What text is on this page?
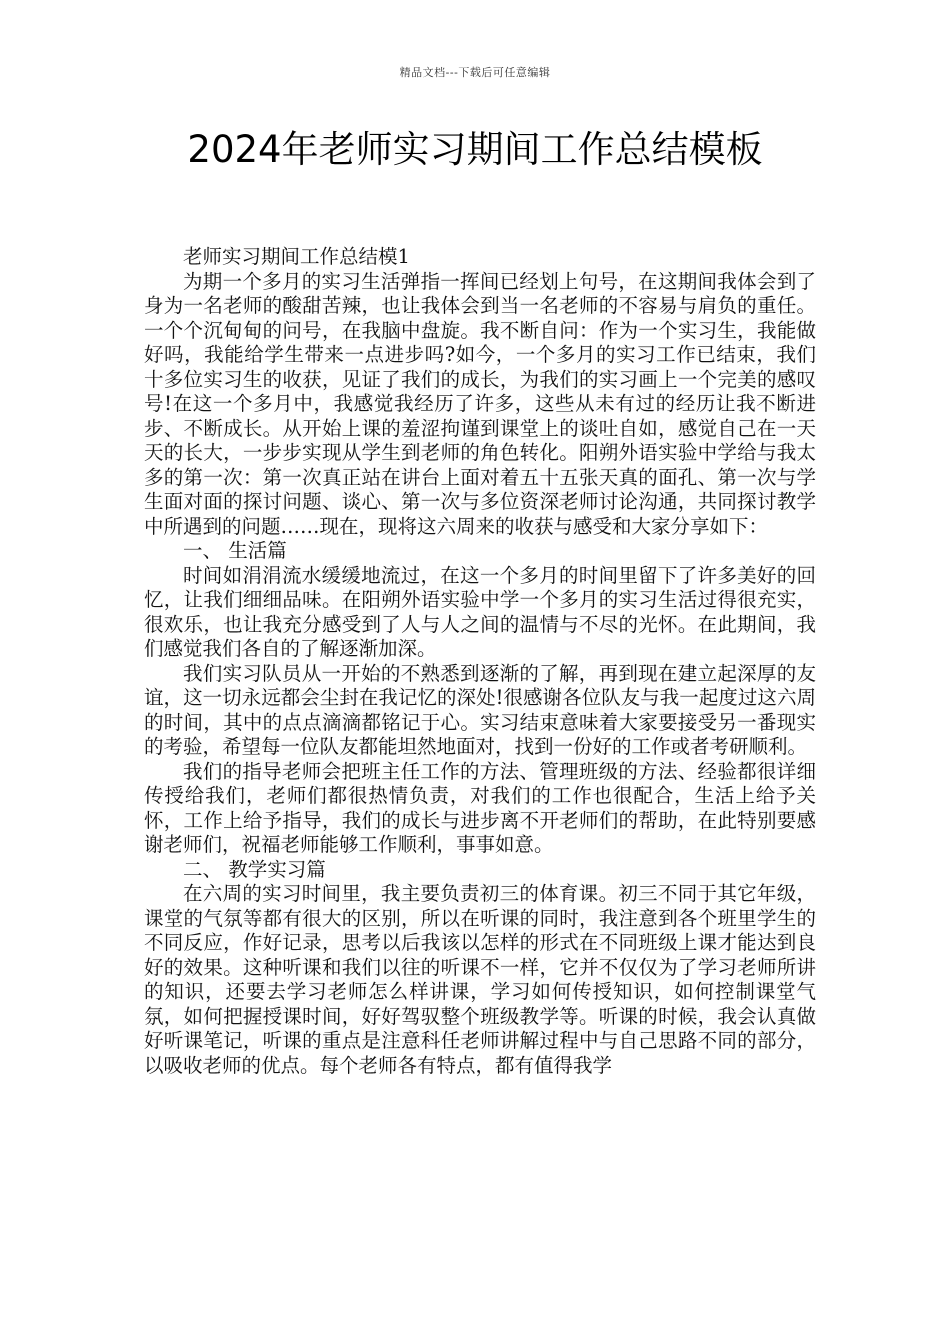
精品文档---下载后可任意编辑
2024年老师实习期间工作总结模板

老师实习期间工作总结模1

为期一个多月的实习生活弹指一挥间已经划上句号，在这期间我体会到了身为一名老师的酸甜苦辣，也让我体会到当一名老师的不容易与肩负的重任。一个个沉甸甸的问号，在我脑中盘旋。我不断自问：作为一个实习生，我能做好吗，我能给学生带来一点进步吗?如今，一个多月的实习工作已结束，我们十多位实习生的收获，见证了我们的成长，为我们的实习画上一个完美的感叹号!在这一个多月中，我感觉我经历了许多，这些从未有过的经历让我不断进步、不断成长。从开始上课的羞涩拘谨到课堂上的谈吐自如，感觉自己在一天天的长大，一步步实现从学生到老师的角色转化。阳朔外语实验中学给与我太多的第一次：第一次真正站在讲台上面对着五十五张天真的面孔、第一次与学生面对面的探讨问题、谈心、第一次与多位资深老师讨论沟通，共同探讨教学中所遇到的问题……现在，现将这六周来的收获与感受和大家分享如下：

一、 生活篇

时间如涓涓流水缓缓地流过，在这一个多月的时间里留下了许多美好的回忆，让我们细细品味。在阳朔外语实验中学一个多月的实习生活过得很充实，很欢乐，也让我充分感受到了人与人之间的温情与不尽的光怀。在此期间，我们感觉我们各自的了解逐渐加深。

我们实习队员从一开始的不熟悉到逐渐的了解，再到现在建立起深厚的友谊，这一切永远都会尘封在我记忆的深处!很感谢各位队友与我一起度过这六周的时间，其中的点点滴滴都铭记于心。实习结束意味着大家要接受另一番现实的考验，希望每一位队友都能坦然地面对，找到一份好的工作或者考研顺利。

我们的指导老师会把班主任工作的方法、管理班级的方法、经验都很详细传授给我们，老师们都很热情负责，对我们的工作也很配合，生活上给予关怀，工作上给予指导，我们的成长与进步离不开老师们的帮助，在此特别要感谢老师们，祝福老师能够工作顺利，事事如意。

二、 教学实习篇

在六周的实习时间里，我主要负责初三的体育课。初三不同于其它年级，课堂的气氛等都有很大的区别，所以在听课的同时，我注意到各个班里学生的不同反应，作好记录，思考以后我该以怎样的形式在不同班级上课才能达到良好的效果。这种听课和我们以往的听课不一样，它并不仅仅为了学习老师所讲的知识，还要去学习老师怎么样讲课，学习如何传授知识，如何控制课堂气氛，如何把握授课时间，好好驾驭整个班级教学等。听课的时候，我会认真做好听课笔记，听课的重点是注意科任老师讲解过程中与自己思路不同的部分，以吸收老师的优点。每个老师各有特点，都有值得我学
